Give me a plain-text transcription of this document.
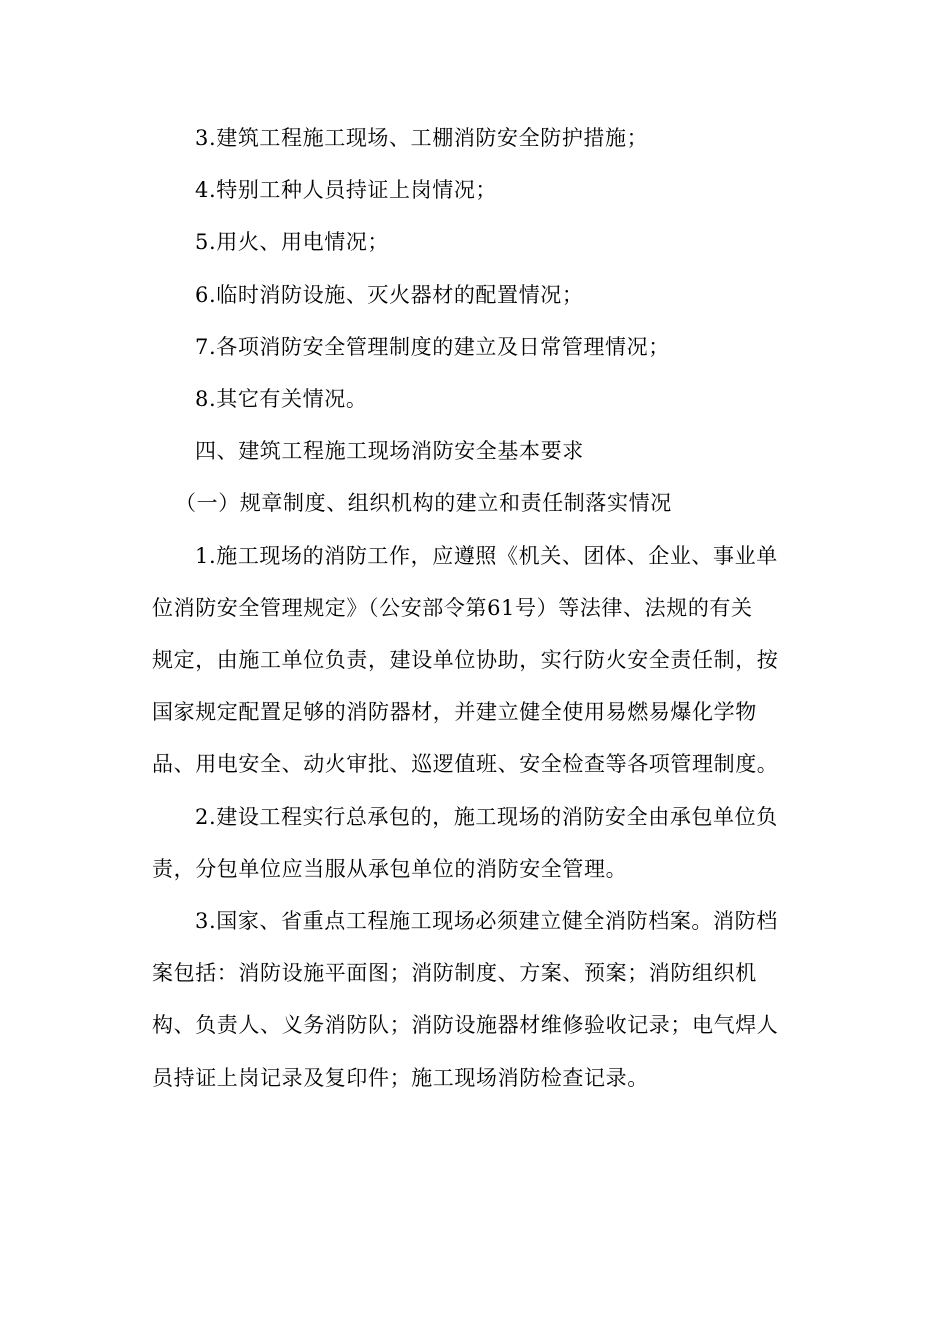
3.建筑工程施工现场、工棚消防安全防护措施；

4.特别工种人员持证上岗情况；

5.用火、用电情况；

6.临时消防设施、灭火器材的配置情况；

7.各项消防安全管理制度的建立及日常管理情况；

8.其它有关情况。

四、建筑工程施工现场消防安全基本要求

（一）规章制度、组织机构的建立和责任制落实情况

1.施工现场的消防工作，应遵照《机关、团体、企业、事业单
位消防安全管理规定》（公安部令第61号）等法律、法规的有关
规定，由施工单位负责，建设单位协助，实行防火安全责任制，按
国家规定配置足够的消防器材，并建立健全使用易燃易爆化学物
品、用电安全、动火审批、巡逻值班、安全检查等各项管理制度。
2.建设工程实行总承包的，施工现场的消防安全由承包单位负
责，分包单位应当服从承包单位的消防安全管理。
3.国家、省重点工程施工现场必须建立健全消防档案。消防档
案包括：消防设施平面图；消防制度、方案、预案；消防组织机
构、负责人、义务消防队；消防设施器材维修验收记录；电气焊人
员持证上岗记录及复印件；施工现场消防检查记录。
